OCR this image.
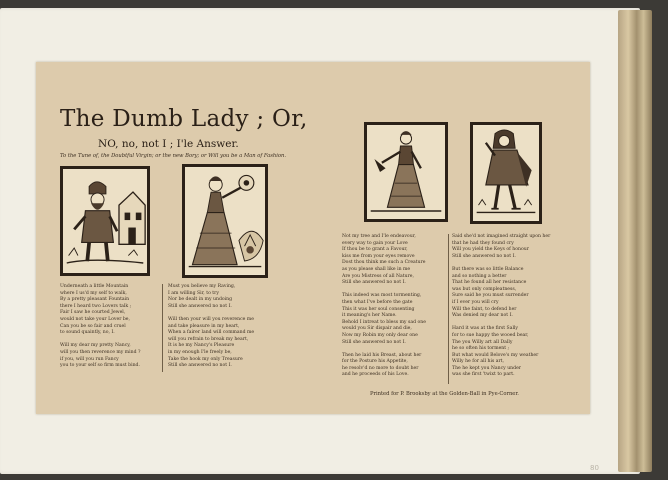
80
The Dumb Lady ; Or,
NO, no, not I ; I'le Answer.
To the Tune of, the Doubtful Virgin; or the new Bory; or Will you be a Man of Fashion.
Underneath a little Mountain
where I us'd my self to walk,
By a pretty pleasant Fountain
there I heard two Lovers talk ;
Fair I saw he courted Jewel,
would not take your Lover be,
Can you be so fair and cruel
to sound quaintly, no, I.

Will my dear my pretty Nancy,
will you then reverence my mind ?
if you, will you run Fancy
you to your self so firm must bind.
Must you believe my Raving,
I am willing Sir, to try
Nor be dealt in my undoing
Still she answered no not I.

Will then your will you reverence me
and take pleasure in my heart,
When a fairer land will command me
will you refrain to break my heart,
It is he my Nancy's Pleasure
in my enough I'le freely be,
Take the hook my only Treasure
Still she answered no not I.
Not my tree and I'le endeavour,
every way to gain your Love
If thou be to grant a Favour,
kiss me from your eyes remove
Dost thou think me such a Creature
as you please shall like in me
Are you Mistress of all Nature,
Still she answered no not I.

This indeed was most tormenting,
then what I've before the gate
This it was her soul consenting
it meaning's her Name.
Behold I intreat to bless my sad one
would you Sir dispair and die,
Now my Robin my only dear one
Still she answered no not I.

Then he laid his Breast, about her
for the Posture his Appetite,
he resolv'd no more to doubt her
and he proceeds of his Love.
Said she'd not imagined straight upon her
that he had they found cry
Will you yield the Keys of honour
Still she answered no not I.

But there was so little Balance
and so nothing a better
That he found all her resistance
was but only compleatness,
Sure said he you must surrender
if I ever you will cry
Will the faint, to defend her
Was denied my dear not I.

Hard it was at the first Sally
for to sue happy the wooed bear,
The you Willy art all Dally
he so often his torment ;
But what would Belove's my weather
Willy he for all his art,
The he kept you Nancy under
was she first 'twixt to part.
Printed for P. Brooksby at the Golden-Ball in Pye-Corner.
